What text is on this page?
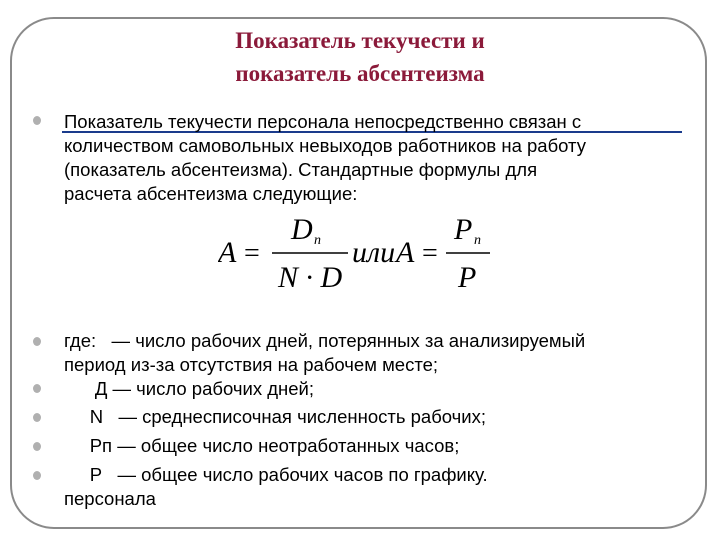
Показатель текучести и
показатель абсентеизма
Показатель текучести персонала непосредственно связан с
количеством самовольных невыходов работников на работу
(показатель абсентеизма). Стандартные формулы для
расчета абсентеизма следующие:
A =
D n
N · D
или A =
P n
P
где:   — число рабочих дней, потерянных за анализируемый
период из-за отсутствия на рабочем месте;
Д — число рабочих дней;
N   — среднесписочная численность рабочих;
Рп — общее число неотработанных часов;
Р   — общее число рабочих часов по графику.
персонала
